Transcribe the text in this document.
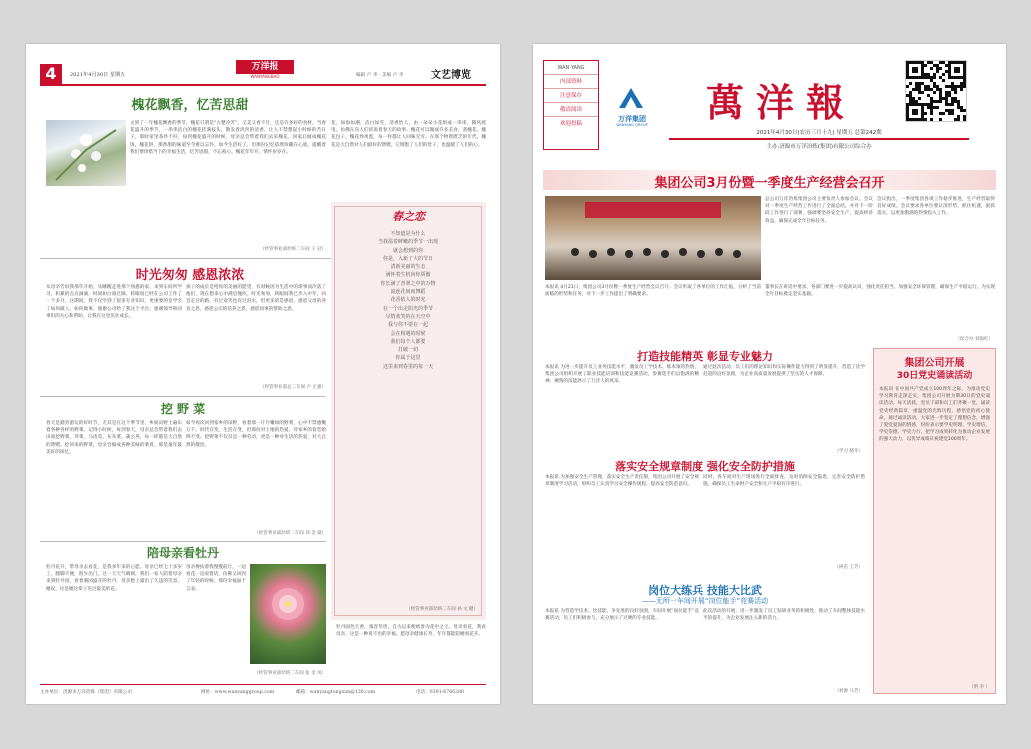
4	2021年4月30日 星期五
万洋报
WANYANGBAO	编辑 卢 李 · 美编 卢 李	文艺博览
槐花飘香，忆苦思甜
文到了一年槐花飘香的季节，槐花只谓是“古楚冷芳”，又美又香不甘，还是许多好的食材。当春花盛开的季节，一串串洁白的槐花挂满枝头，散发着淡淡的清香，让人不禁想起小时候的苦日子。那时家里条件不好，每到槐花盛开的时候，母亲总会带着我们去采槐花，回家后做成槐花饭、槐花饼，那香甜的味道至今难以忘怀。如今生活好了，但那份记忆依然珍藏在心底，提醒着我们要珍惜当下的幸福生活，忆苦思甜，不忘初心。槐花年年开，情怀岁岁在。
花，如海如潮，洁白如雪，清香怡人，由一朵朵小花组成一串串，随风摇曳，仿佛在向人们诉说着春天的故事。槐花可以做成许多美食，蒸槐花、槐花包子、槐花炒鸡蛋，每一样都让人回味无穷。在那个物资匮乏的年代，槐花是大自然对人们最好的馈赠，它填饱了人们的肚子，也温暖了人们的心。
（经管事业部幼班二车间 王 冠）
时光匆匆 感恩浓浓
从母亲告诉我那年开始，从睡醒走进那个熟悉的家，来到车间所学习、积累的点点滴滴，时间如白驹过隙，转眼间已经在公司工作了一个多月。这期间，我不仅学到了很多专业知识，更重要的是学会了如何做人、如何做事。感谢公司给了我这个平台，感谢领导和同事们的关心和帮助，让我在这里茁壮成长。
孩子的成长是给你的美丽的愿望，有时候因为生活中的琐事而冷落了他们，现在想来心中满是愧疚。时光匆匆，转眼间我已步入中年，回首走过的路，有过欢笑也有过泪水，但更多的是感恩。感恩父母的养育之恩，感恩公司的培养之恩，感恩同事的帮助之恩。
（经管事业部总二车间 卢 正强）
春之恋
不知道是为什么
当我温着鲜嫩的季节一出现
就会想到的你
你是，入新了大的节日
清新美丽的生态
满怀着生机向你骄傲
你长满了青翠之中的万物
流连花间而舞蹈
花香依人的时光
在一个出走阳光的季节
尽情欢笑的在天空中
我与你不要在一起
会在相遇的时候
我们每个人都要
打破一切
你属于这里
这里来到春里的每一天
（经管事业部幼班二车间 孙 文 健）
挖 野 菜
春天是踏青游玩的好时节，尤其是在这个季节里，乡间田野上遍布着各种各样的野菜。记得小时候，每到春天，母亲总会带着我们去田间挖野菜，荠菜、马齿苋、灰灰菜、蒲公英，每一样都是大自然的馈赠。挖回来的野菜，母亲会做成各种美味的菜肴，那是童年最美好的回忆。
如今再次回到家乡的田野，看着那一片片嫩绿的野菜，心中不禁感慨万千。时代在变，生活在变，但那份对土地的热爱、对家乡的眷恋始终不变。挖野菜不仅仅是一种劳动，更是一种对生活的热爱，对大自然的敬畏。
（经管事业部幼班二车间 刘 金 湖）
陪母亲看牡丹
牡丹花开，带母亲去看花，是我多年来的心愿。母亲已经七十多岁了，腿脚不便，很少出门。这一天天气晴朗，我们一家人陪着母亲来到牡丹园，看着满园盛开的牡丹，母亲脸上露出了久违的笑容。她说，这是她这辈子见过最美的花。
母亲搀扶着我慢慢前行，一边看花一边说着话，仿佛又回到了年轻的时候，那份幸福溢于言表。
（经管事业部幼班二车间 张 金 凤）
牡丹国色天香，雍容华贵，自古以来便被誉为花中之王。母亲看花，我看母亲，这是一种说不出的幸福。愿母亲健康长寿，年年都能陪她看花开。
主办单位：济源市万洋冶炼（集团）有限公司	网址：www.wanyanggroup.com	邮箱：wanyangtongxun@126.com	电话：0391-6766288
WAN YANG
内部资料
注意保存
敬请阅读
欢迎投稿
万洋集团
WANYANG GROUP	萬洋報
2021年4月30日(农历三月十九) 星期五 总第242期
主办:济源市万洋冶炼(集团)有限公司综合办
集团公司3月份暨一季度生产经营会召开
总公司万洋冶炼集团公司主要负责人参加会议。会议对一季度生产经营工作进行了全面总结，并对下一阶段工作进行了部署，强调要坚持安全生产，提高经济效益，确保完成全年目标任务。
会议指出，一季度集团各项工作稳步推进，生产经营取得良好成绩。会议要求各单位要认清形势，抓住机遇，狠抓落实，以更加饱满的热情投入工作。
本报讯 4月21日，集团公司3月份暨一季度生产经营会议召开。会议听取了各单位的工作汇报，分析了当前面临的形势和任务，对下一步工作提出了明确要求。
董事长在讲话中要求，各部门要进一步提高认识，强化责任担当，加强安全环保管理，确保生产平稳运行，为实现全年目标奠定坚实基础。
（综合办 刘海红）
打造技能精英 彰显专业魅力
本报讯 为进一步提升员工业务技能水平，激发员工学技术、练本领的热情，集团公司组织开展了职业技能培训和技能竞赛活动，参赛选手们以饱满的精神、娴熟的技能展示了万洋人的风采。
通过此次活动，员工们的理论知识和实际操作能力得到了明显提升，营造了比学赶超的良好氛围，为企业高质量发展提供了坚实的人才保障。
（学习 晓冬）
落实安全规章制度 强化安全防护措施
本报讯 为加强安全生产管理，落实安全生产责任制，集团公司开展了安全规章制度学习活动，组织员工认真学习安全操作规程，提高安全防范意识。
同时，各车间对生产现场进行全面排查，及时消除安全隐患，完善安全防护措施，确保员工生命财产安全和生产平稳有序进行。
（树苗 王芳）
岗位大练兵 技能大比武
——无所一车间开展“岗位能手”竞赛活动
本报讯 为营造学技术、比技能、争先进的良好氛围，车间开展“岗位能手”竞赛活动，员工们积极参与，充分展示了过硬的专业技能。
此次活动的开展，进一步激发了员工钻研业务的积极性，推动了车间整体技能水平的提升，为企业发展注入新的活力。
（材源 马芳）
集团公司开展
30日党史诵读活动
本报讯 在中国共产党成立100周年之际，为推动党史学习教育走深走实，集团公司开展为期30日的党史诵读活动。每天清晨，党员干部和员工们齐聚一堂，诵读党史经典篇章，重温党的光辉历程，感悟党的初心使命。通过诵读活动，大家进一步坚定了理想信念，增强了爱党爱国的情感，纷纷表示要学史明理、学史增信、学史崇德、学史力行，把学习成果转化为推动企业发展的强大动力，以优异成绩庆祝建党100周年。
（明 李 ）
